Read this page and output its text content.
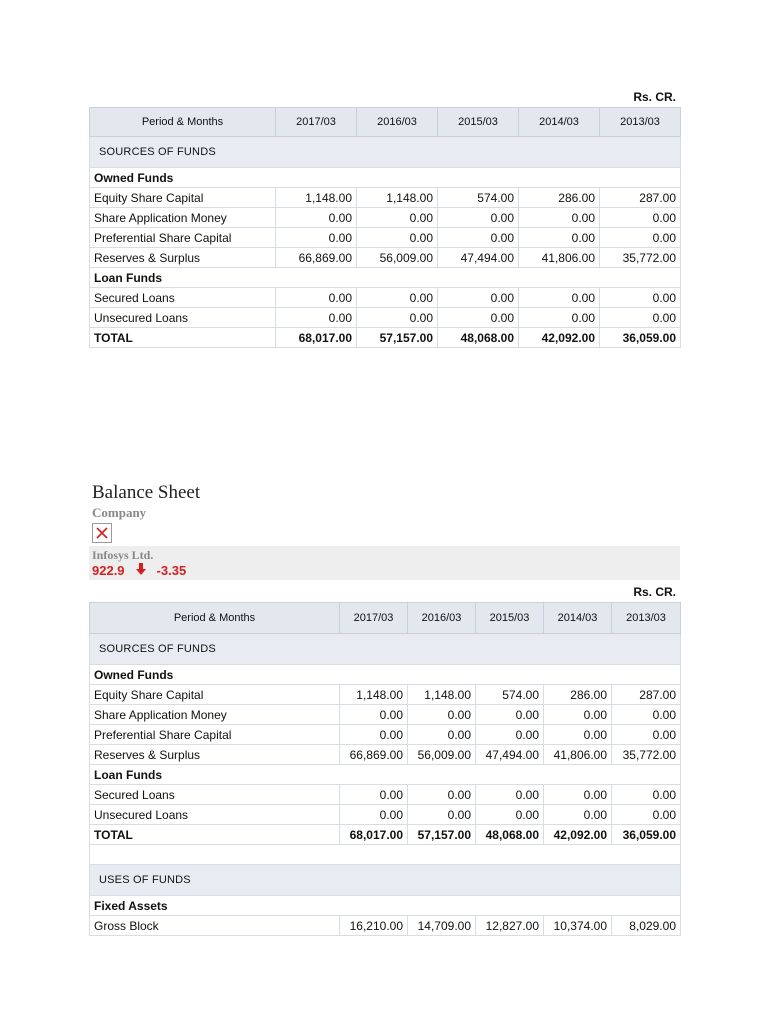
Rs. CR.
Period & Months	2017/03	2016/03	2015/03	2014/03	2013/03
SOURCES OF FUNDS					
Owned Funds					
Equity Share Capital	1,148.00	1,148.00	574.00	286.00	287.00
Share Application Money	0.00	0.00	0.00	0.00	0.00
Preferential Share Capital	0.00	0.00	0.00	0.00	0.00
Reserves & Surplus	66,869.00	56,009.00	47,494.00	41,806.00	35,772.00
Loan Funds					
Secured Loans	0.00	0.00	0.00	0.00	0.00
Unsecured Loans	0.00	0.00	0.00	0.00	0.00
TOTAL	68,017.00	57,157.00	48,068.00	42,092.00	36,059.00
Balance Sheet
Company
Infosys Ltd.
922.9 -3.35
Rs. CR.
Period & Months	2017/03	2016/03	2015/03	2014/03	2013/03
SOURCES OF FUNDS					
Owned Funds					
Equity Share Capital	1,148.00	1,148.00	574.00	286.00	287.00
Share Application Money	0.00	0.00	0.00	0.00	0.00
Preferential Share Capital	0.00	0.00	0.00	0.00	0.00
Reserves & Surplus	66,869.00	56,009.00	47,494.00	41,806.00	35,772.00
Loan Funds					
Secured Loans	0.00	0.00	0.00	0.00	0.00
Unsecured Loans	0.00	0.00	0.00	0.00	0.00
TOTAL	68,017.00	57,157.00	48,068.00	42,092.00	36,059.00

USES OF FUNDS					
Fixed Assets					
Gross Block	16,210.00	14,709.00	12,827.00	10,374.00	8,029.00
